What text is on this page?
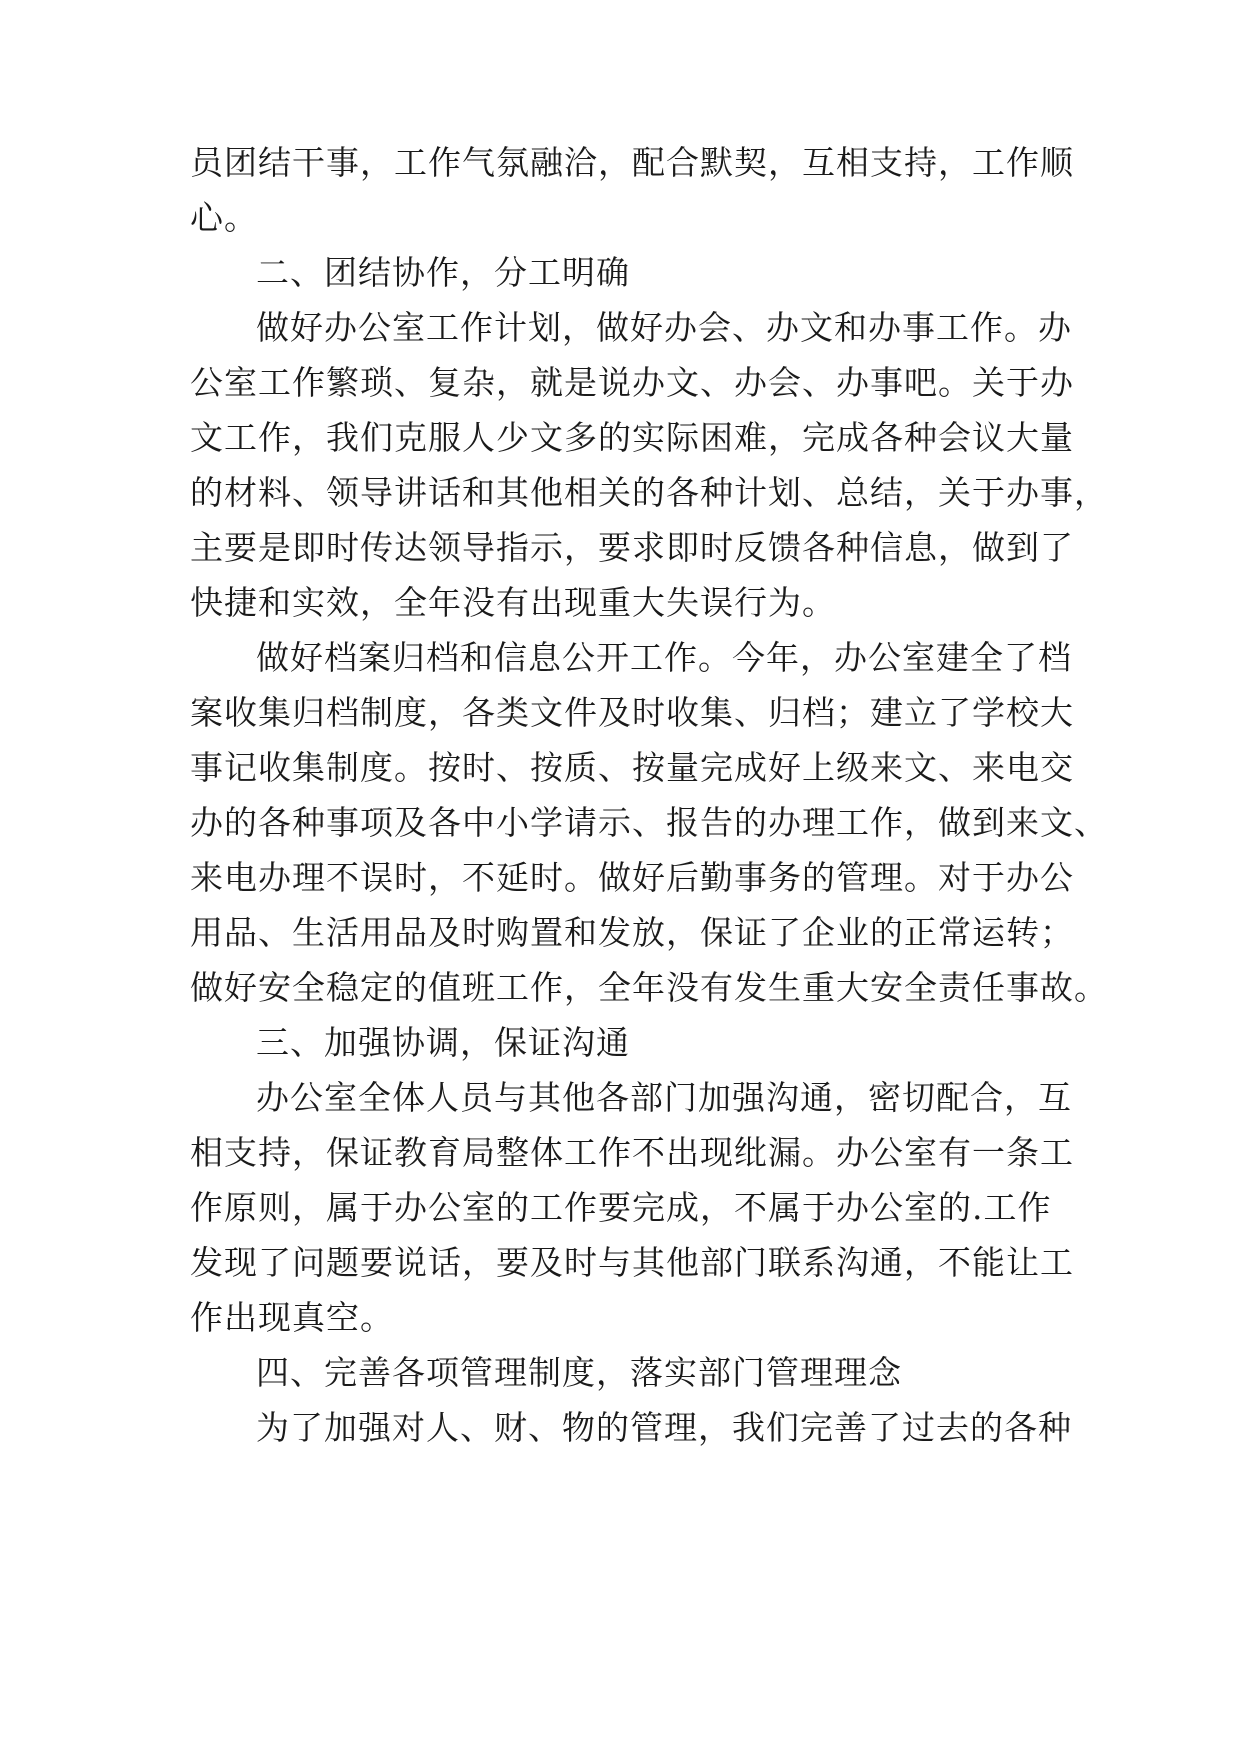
员团结干事，工作气氛融洽，配合默契，互相支持，工作顺
心。
二、团结协作，分工明确
做好办公室工作计划，做好办会、办文和办事工作。办
公室工作繁琐、复杂，就是说办文、办会、办事吧。关于办
文工作，我们克服人少文多的实际困难，完成各种会议大量
的材料、领导讲话和其他相关的各种计划、总结，关于办事，
主要是即时传达领导指示，要求即时反馈各种信息，做到了
快捷和实效，全年没有出现重大失误行为。
做好档案归档和信息公开工作。今年，办公室建全了档
案收集归档制度，各类文件及时收集、归档；建立了学校大
事记收集制度。按时、按质、按量完成好上级来文、来电交
办的各种事项及各中小学请示、报告的办理工作，做到来文、
来电办理不误时，不延时。做好后勤事务的管理。对于办公
用品、生活用品及时购置和发放，保证了企业的正常运转；
做好安全稳定的值班工作，全年没有发生重大安全责任事故。
三、加强协调，保证沟通
办公室全体人员与其他各部门加强沟通，密切配合，互
相支持，保证教育局整体工作不出现纰漏。办公室有一条工
作原则，属于办公室的工作要完成，不属于办公室的.工作
发现了问题要说话，要及时与其他部门联系沟通，不能让工
作出现真空。
四、完善各项管理制度，落实部门管理理念
为了加强对人、财、物的管理，我们完善了过去的各种
